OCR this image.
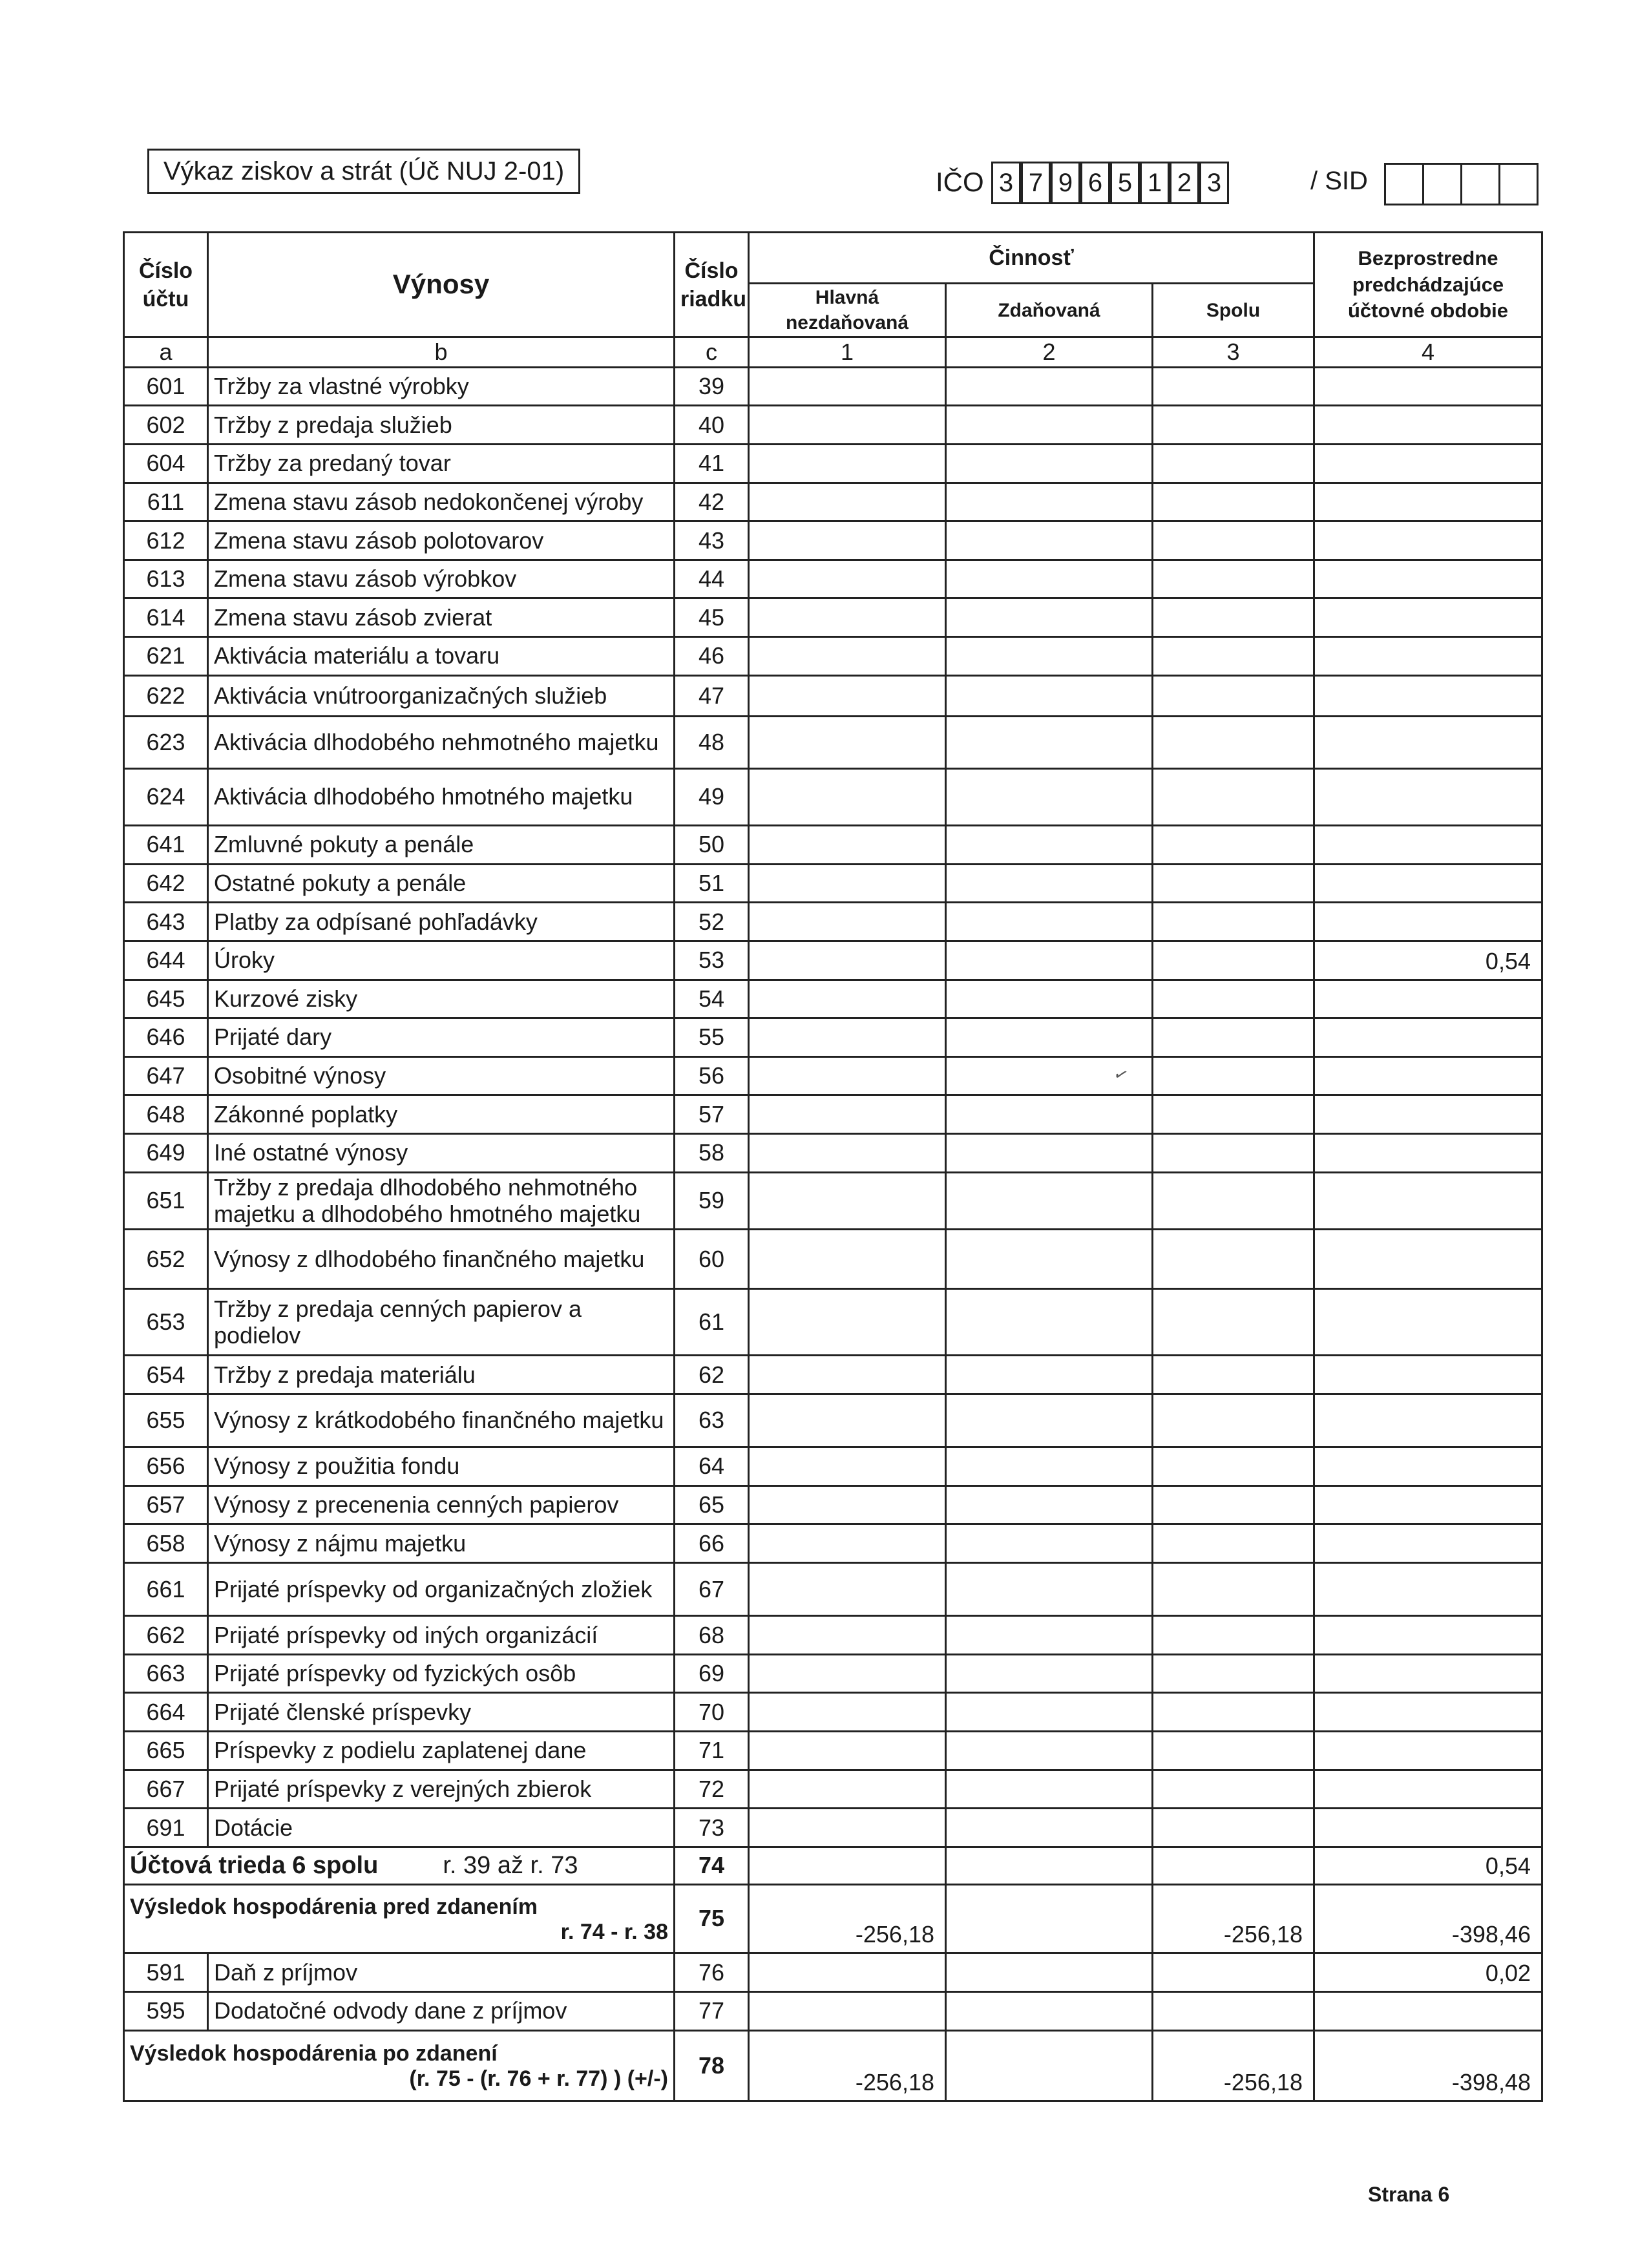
Výkaz ziskov a strát (Úč NUJ 2-01)	IČO 3 7 9 6 5 1 2 3	/ SID
Číslo účtu	Výnosy	Číslo riadku	Činnosť			Bezprostredne predchádzajúce účtovné obdobie
			Hlavná nezdaňovaná	Zdaňovaná	Spolu	
a	b	c	1	2	3	4
601	Tržby za vlastné výrobky	39				
602	Tržby z predaja služieb	40				
604	Tržby za predaný tovar	41				
611	Zmena stavu zásob nedokončenej výroby	42				
612	Zmena stavu zásob polotovarov	43				
613	Zmena stavu zásob výrobkov	44				
614	Zmena stavu zásob zvierat	45				
621	Aktivácia materiálu a tovaru	46				
622	Aktivácia vnútroorganizačných služieb	47				
623	Aktivácia dlhodobého nehmotného majetku	48				
624	Aktivácia dlhodobého hmotného majetku	49				
641	Zmluvné pokuty a penále	50				
642	Ostatné pokuty a penále	51				
643	Platby za odpísané pohľadávky	52				
644	Úroky	53				0,54
645	Kurzové zisky	54				
646	Prijaté dary	55				
647	Osobitné výnosy	56				
648	Zákonné poplatky	57				
649	Iné ostatné výnosy	58				
651	Tržby z predaja dlhodobého nehmotného majetku a dlhodobého hmotného majetku	59				
652	Výnosy z dlhodobého finančného majetku	60				
653	Tržby z predaja cenných papierov a podielov	61				
654	Tržby z predaja materiálu	62				
655	Výnosy z krátkodobého finančného majetku	63				
656	Výnosy z použitia fondu	64				
657	Výnosy z precenenia cenných papierov	65				
658	Výnosy z nájmu majetku	66				
661	Prijaté príspevky od organizačných zložiek	67				
662	Prijaté príspevky od iných organizácií	68				
663	Prijaté príspevky od fyzických osôb	69				
664	Prijaté členské príspevky	70				
665	Príspevky z podielu zaplatenej dane	71				
667	Prijaté príspevky z verejných zbierok	72				
691	Dotácie	73				
Účtová trieda 6 spolu r. 39 až r. 73		74				0,54
Výsledok hospodárenia pred zdanením
r. 74 - r. 38		75	-256,18		-256,18	-398,46
591	Daň z príjmov	76				0,02
595	Dodatočné odvody dane z príjmov	77				
Výsledok hospodárenia po zdanení
(r. 75 - (r. 76 + r. 77) ) (+/-)		78	-256,18		-256,18	-398,48
✓
Strana 6
